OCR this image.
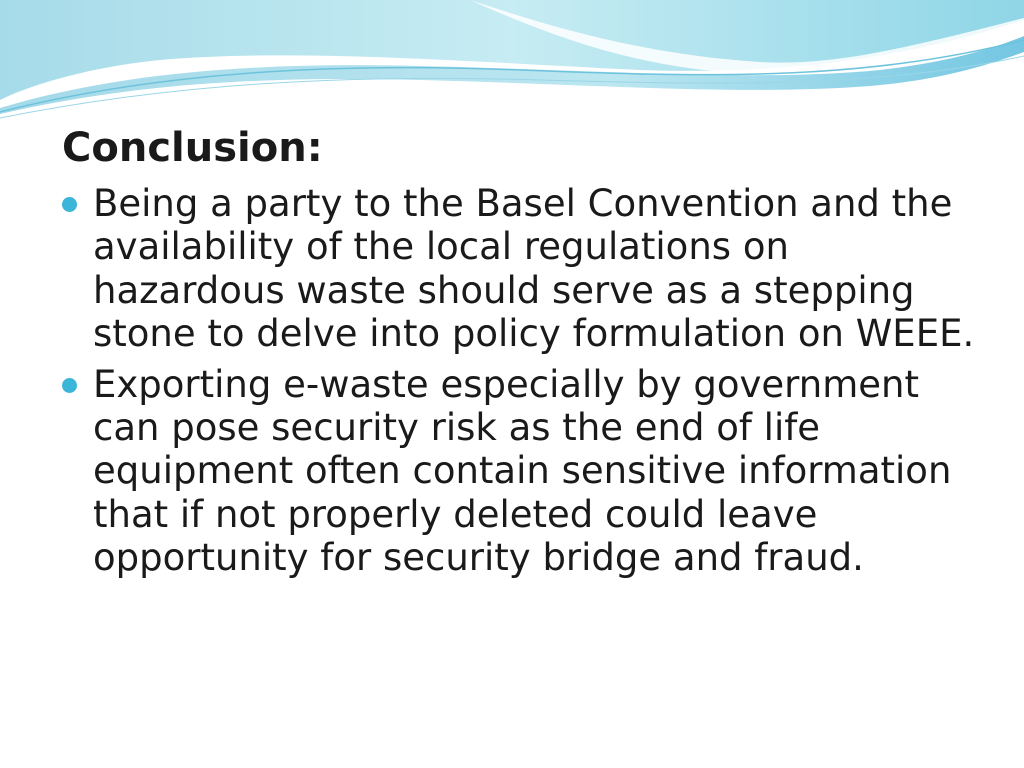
Conclusion:
Being a party to the Basel Convention and the availability of the local regulations on hazardous waste should serve as a stepping stone to delve into policy formulation on WEEE.
Exporting e-waste especially by government can pose security risk as the end of life equipment often contain sensitive information that if not properly deleted could leave opportunity for security bridge and fraud.
